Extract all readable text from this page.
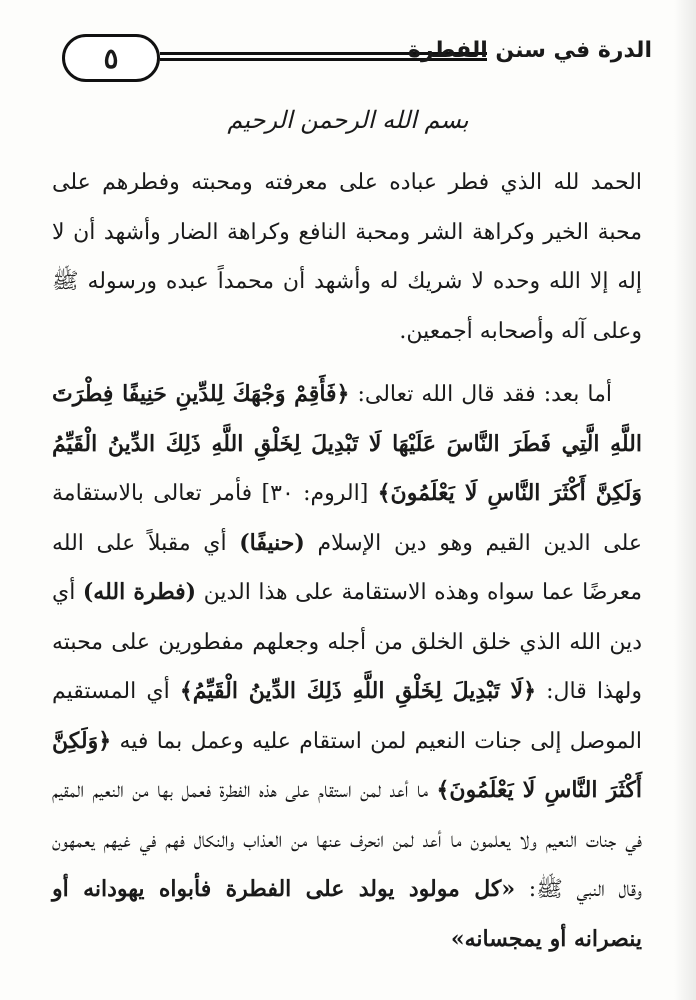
٥	الدرة في سنن الفطرة
بسم الله الرحمن الرحيم

الحمد لله الذي فطر عباده على معرفته ومحبته وفطرهم على محبة الخير وكراهة الشر ومحبة النافع وكراهة الضار وأشهد أن لا إله إلا الله وحده لا شريك له وأشهد أن محمداً عبده ورسوله ﷺ وعلى آله وأصحابه أجمعين.

أما بعد: فقد قال الله تعالى: ﴿فَأَقِمْ وَجْهَكَ لِلدِّينِ حَنِيفًا فِطْرَتَ اللَّهِ الَّتِي فَطَرَ النَّاسَ عَلَيْهَا لَا تَبْدِيلَ لِخَلْقِ اللَّهِ ذَلِكَ الدِّينُ الْقَيِّمُ وَلَكِنَّ أَكْثَرَ النَّاسِ لَا يَعْلَمُونَ﴾ [الروم: ٣٠] فأمر تعالى بالاستقامة على الدين القيم وهو دين الإسلام (حنيفًا) أي مقبلاً على الله معرضًا عما سواه وهذه الاستقامة على هذا الدين (فطرة الله) أي دين الله الذي خلق الخلق من أجله وجعلهم مفطورين على محبته ولهذا قال: ﴿لَا تَبْدِيلَ لِخَلْقِ اللَّهِ ذَلِكَ الدِّينُ الْقَيِّمُ﴾ أي المستقيم الموصل إلى جنات النعيم لمن استقام عليه وعمل بما فيه ﴿وَلَكِنَّ أَكْثَرَ النَّاسِ لَا يَعْلَمُونَ﴾ ما أعد لمن استقام على هذه الفطرة فعمل بها من النعيم المقيم في جنات النعيم ولا يعلمون ما أعد لمن انحرف عنها من العذاب والنكال فهم في غيهم يعمهون وقال النبي ﷺ: «كل مولود يولد على الفطرة فأبواه يهودانه أو ينصرانه أو يمجسانه»
